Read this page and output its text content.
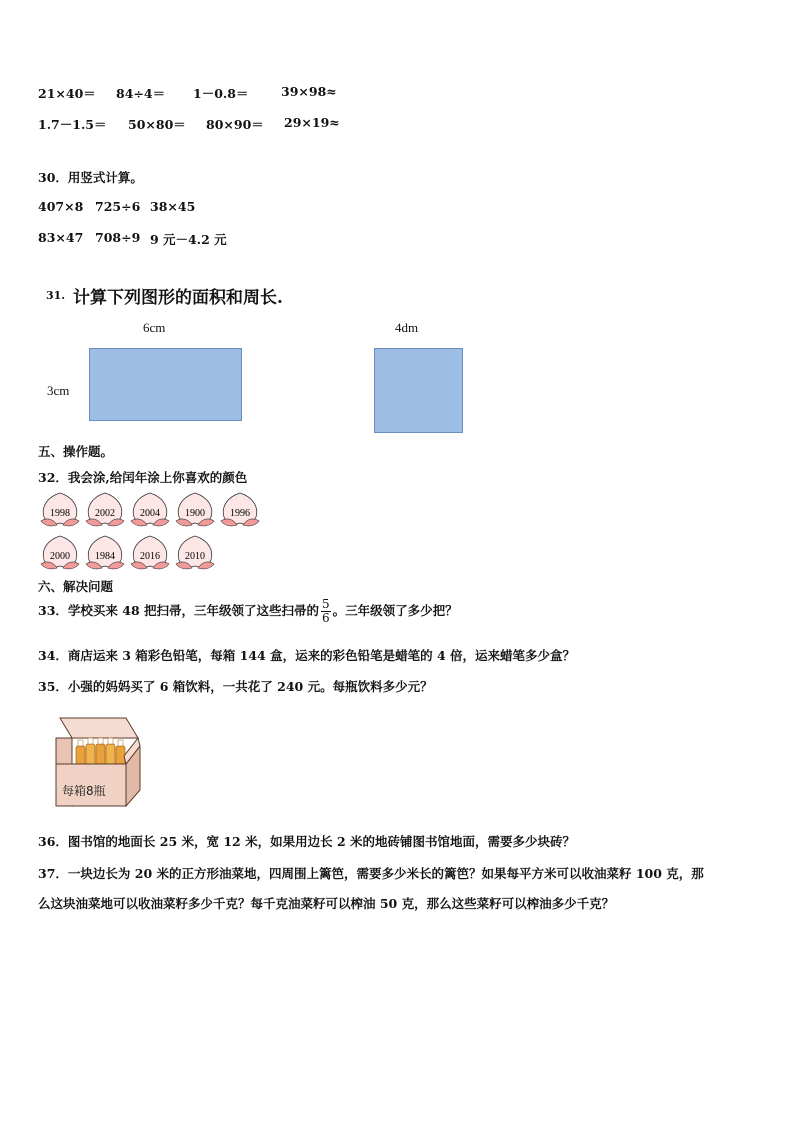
21×40＝ 84÷4＝ 1－0.8＝	39×98≈
1.7－1.5＝ 50×80＝ 80×90＝ 29×19≈
30．用竖式计算。
407×8 725÷6 38×45
83×47 708÷9 9 元－4.2 元
31. 计算下列图形的面积和周长.
6cm
3cm
4dm
五、操作题。
32．我会涂,给闰年涂上你喜欢的颜色
1998	2002	2004	1900	1996
2000	1984	2016	2010
六、解决问题
33．学校买来 48 把扫帚，三年级领了这些扫帚的 $\frac{5}{6}$ 。三年级领了多少把？
34．商店运来 3 箱彩色铅笔，每箱 144 盒，运来的彩色铅笔是蜡笔的 4 倍，运来蜡笔多少盒？
35．小强的妈妈买了 6 箱饮料，一共花了 240 元。每瓶饮料多少元？
每箱8瓶
36．图书馆的地面长 25 米，宽 12 米，如果用边长 2 米的地砖铺图书馆地面，需要多少块砖？
37．一块边长为 20 米的正方形油菜地，四周围上篱笆，需要多少米长的篱笆？如果每平方米可以收油菜籽 100 克，那
么这块油菜地可以收油菜籽多少千克？每千克油菜籽可以榨油 50 克，那么这些菜籽可以榨油多少千克？
